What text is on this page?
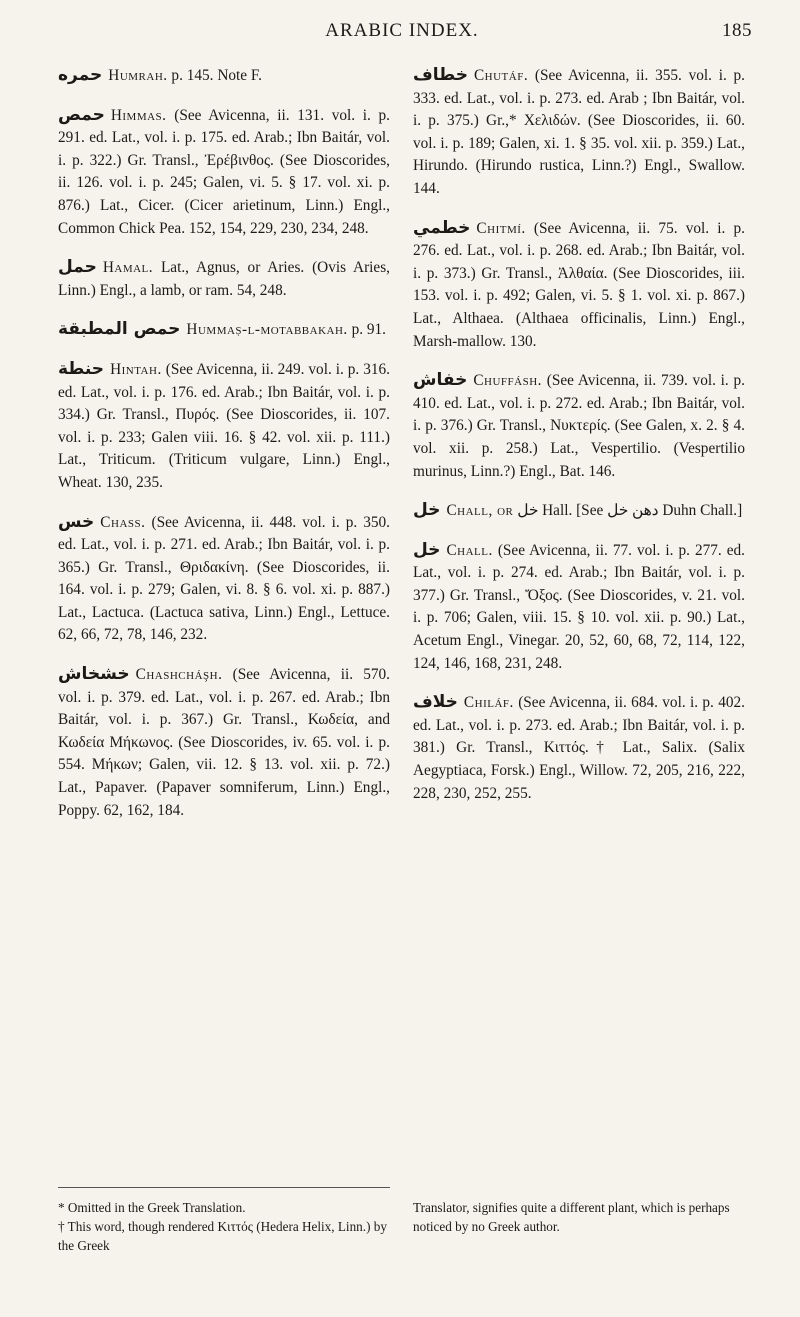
ARABIC INDEX.	185
حمره Humrah. p. 145. Note F.
حمص Himmas. (See Avicenna, ii. 131. vol. i. p. 291. ed. Lat., vol. i. p. 175. ed. Arab.; Ibn Baitár, vol. i. p. 322.) Gr. Transl., Ἐρέβινθος. (See Dioscorides, ii. 126. vol. i. p. 245; Galen, vi. 5. § 17. vol. xi. p. 876.) Lat., Cicer. (Cicer arietinum, Linn.) Engl., Common Chick Pea. 152, 154, 229, 230, 234, 248.
حمل Hamal. Lat., Agnus, or Aries. (Ovis Aries, Linn.) Engl., a lamb, or ram. 54, 248.
حمص المطبقة Hummaṣ-l-motabbakah. p. 91.
حنطة Hintah. (See Avicenna, ii. 249. vol. i. p. 316. ed. Lat., vol. i. p. 176. ed. Arab.; Ibn Baitár, vol. i. p. 334.) Gr. Transl., Πυρός. (See Dioscorides, ii. 107. vol. i. p. 233; Galen viii. 16. § 42. vol. xii. p. 111.) Lat., Triticum. (Triticum vulgare, Linn.) Engl., Wheat. 130, 235.
خس Chass. (See Avicenna, ii. 448. vol. i. p. 350. ed. Lat., vol. i. p. 271. ed. Arab.; Ibn Baitár, vol. i. p. 365.) Gr. Transl., Θριδακίνη. (See Dioscorides, ii. 164. vol. i. p. 279; Galen, vi. 8. § 6. vol. xi. p. 887.) Lat., Lactuca. (Lactuca sativa, Linn.) Engl., Lettuce. 62, 66, 72, 78, 146, 232.
خشخاش Chashcháşh. (See Avicenna, ii. 570. vol. i. p. 379. ed. Lat., vol. i. p. 267. ed. Arab.; Ibn Baitár, vol. i. p. 367.) Gr. Transl., Κωδεία, and Κωδεία Μήκωνος. (See Dioscorides, iv. 65. vol. i. p. 554. Μήκων; Galen, vii. 12. § 13. vol. xii. p. 72.) Lat., Papaver. (Papaver somniferum, Linn.) Engl., Poppy. 62, 162, 184.
خطاف Chutáf. (See Avicenna, ii. 355. vol. i. p. 333. ed. Lat., vol. i. p. 273. ed. Arab ; Ibn Baitár, vol. i. p. 375.) Gr.,* Χελιδών. (See Dioscorides, ii. 60. vol. i. p. 189; Galen, xi. 1. § 35. vol. xii. p. 359.) Lat., Hirundo. (Hirundo rustica, Linn.?) Engl., Swallow. 144.
خطمي Chitmí. (See Avicenna, ii. 75. vol. i. p. 276. ed. Lat., vol. i. p. 268. ed. Arab.; Ibn Baitár, vol. i. p. 373.) Gr. Transl., Ἀλθαία. (See Dioscorides, iii. 153. vol. i. p. 492; Galen, vi. 5. § 1. vol. xi. p. 867.) Lat., Althaea. (Althaea officinalis, Linn.) Engl., Marsh-mallow. 130.
خفاش Chuffásh. (See Avicenna, ii. 739. vol. i. p. 410. ed. Lat., vol. i. p. 272. ed. Arab.; Ibn Baitár, vol. i. p. 376.) Gr. Transl., Νυκτερίς. (See Galen, x. 2. § 4. vol. xii. p. 258.) Lat., Vespertilio. (Vespertilio murinus, Linn.?) Engl., Bat. 146.
خل Chall, or خل Hall. [See دهن خل Duhn Chall.]
خل Chall. (See Avicenna, ii. 77. vol. i. p. 277. ed. Lat., vol. i. p. 274. ed. Arab.; Ibn Baitár, vol. i. p. 377.) Gr. Transl., Ὄξος. (See Dioscorides, v. 21. vol. i. p. 706; Galen, viii. 15. § 10. vol. xii. p. 90.) Lat., Acetum Engl., Vinegar. 20, 52, 60, 68, 72, 114, 122, 124, 146, 168, 231, 248.
خلاف Chiláf. (See Avicenna, ii. 684. vol. i. p. 402. ed. Lat., vol. i. p. 273. ed. Arab.; Ibn Baitár, vol. i. p. 381.) Gr. Transl., Κιττός.† Lat., Salix. (Salix Aegyptiaca, Forsk.) Engl., Willow. 72, 205, 216, 222, 228, 230, 252, 255.
* Omitted in the Greek Translation.
† This word, though rendered Κιττός (Hedera Helix, Linn.) by the Greek
Translator, signifies quite a different plant, which is perhaps noticed by no Greek author.
